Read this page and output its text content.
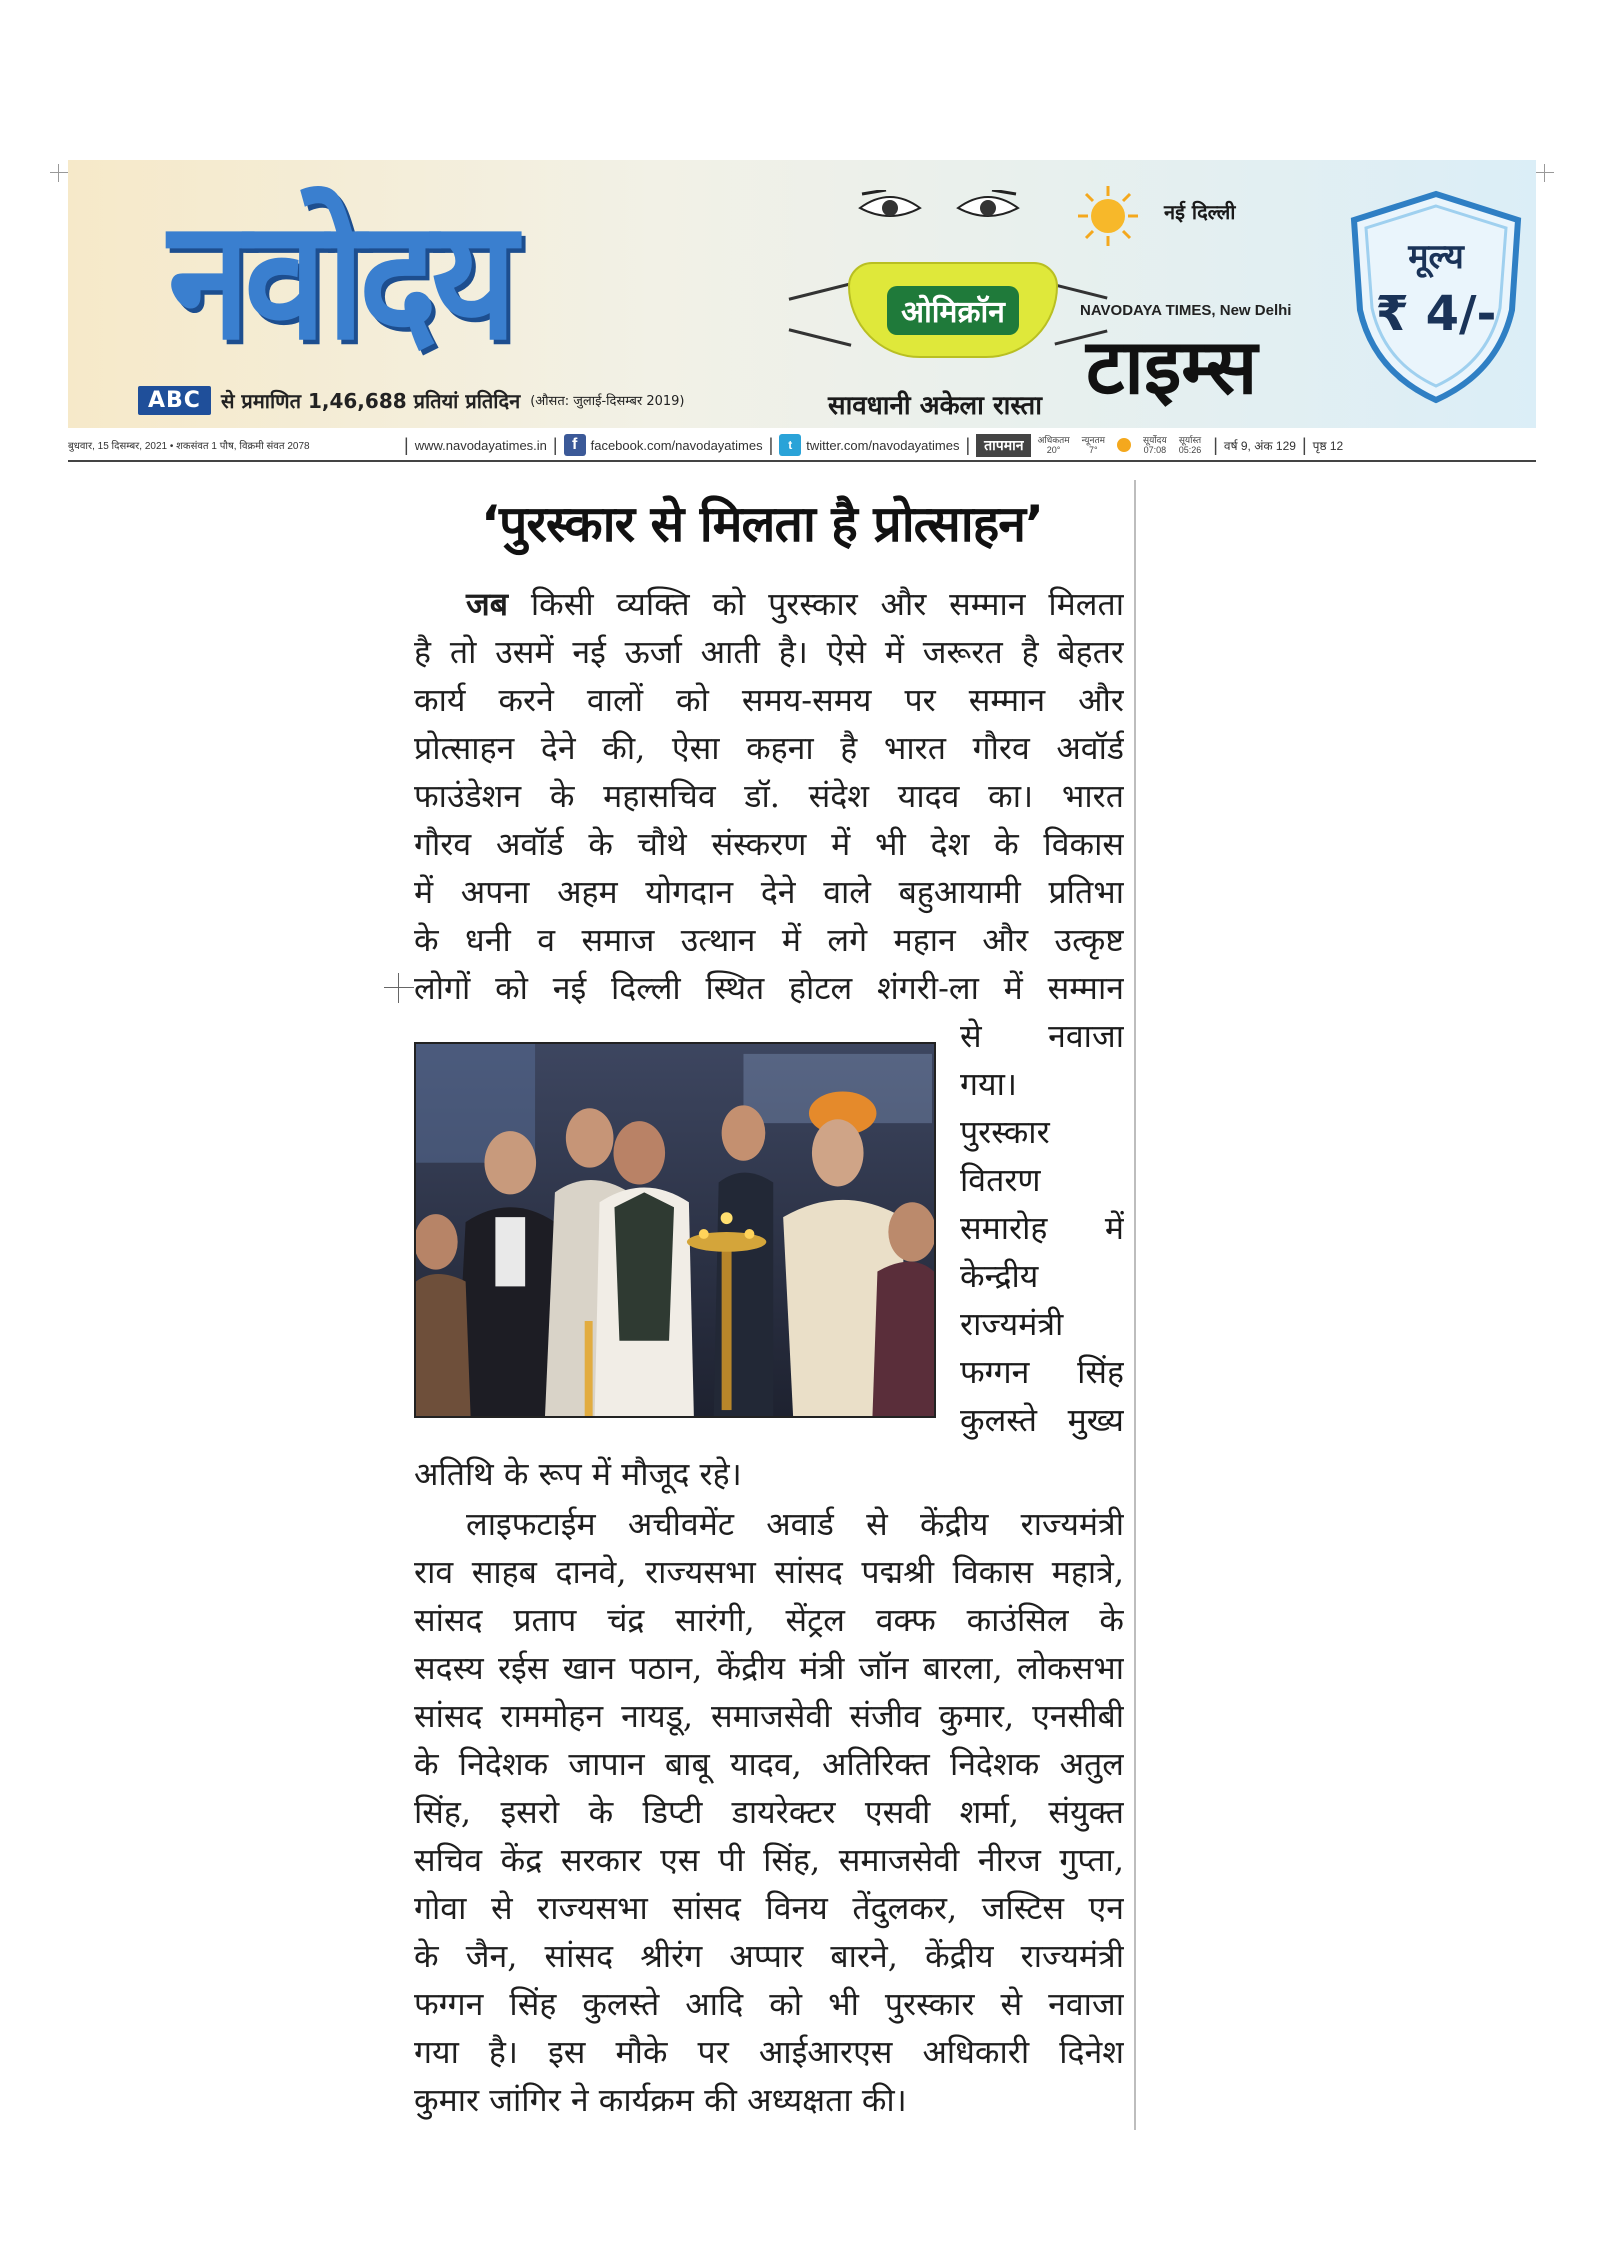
नवोदय
ABC	से प्रमाणित 1,46,688 प्रतियां प्रतिदिन (औसत: जुलाई-दिसम्बर 2019)
ओमिक्रॉन
सावधानी अकेला रास्ता
नई दिल्ली
NAVODAYA TIMES, New Delhi
टाइम्स
मूल्य
₹ 4/-
बुधवार, 15 दिसम्बर, 2021 • शकसंवत 1 पौष, विक्रमी संवत 2078	| www.navodayatimes.in | f	facebook.com/navodayatimes |	t	twitter.com/navodayatimes |	तापमान	अधिकतम
20°
न्यूनतम
7°
सूर्योदय
07:08
सूर्यास्त
05:26 | वर्ष 9, अंक 129 | पृष्ठ 12
‘पुरस्कार से मिलता है प्रोत्साहन’
जब किसी व्यक्ति को पुरस्कार और सम्मान मिलता
है तो उसमें नई ऊर्जा आती है। ऐसे में जरूरत है बेहतर
कार्य करने वालों को समय-समय पर सम्मान और
प्रोत्साहन देने की, ऐसा कहना है भारत गौरव अवॉर्ड
फाउंडेशन के महासचिव डॉ. संदेश यादव का। भारत
गौरव अवॉर्ड के चौथे संस्करण में भी देश के विकास
में अपना अहम योगदान देने वाले बहुआयामी प्रतिभा
के धनी व समाज उत्थान में लगे महान और उत्कृष्ट
लोगों को नई दिल्ली स्थित होटल शंगरी-ला में सम्मान
से नवाजा
गया।
पुरस्कार
वितरण
समारोह में
केन्द्रीय
राज्यमंत्री
फग्गन सिंह
कुलस्ते मुख्य
अतिथि के रूप में मौजूद रहे।
लाइफटाईम अचीवमेंट अवार्ड से केंद्रीय राज्यमंत्री
राव साहब दानवे, राज्यसभा सांसद पद्मश्री विकास महात्रे,
सांसद प्रताप चंद्र सारंगी, सेंट्रल वक्फ काउंसिल के
सदस्य रईस खान पठान, केंद्रीय मंत्री जॉन बारला, लोकसभा
सांसद राममोहन नायडू, समाजसेवी संजीव कुमार, एनसीबी
के निदेशक जापान बाबू यादव, अतिरिक्त निदेशक अतुल
सिंह, इसरो के डिप्टी डायरेक्टर एसवी शर्मा, संयुक्त
सचिव केंद्र सरकार एस पी सिंह, समाजसेवी नीरज गुप्ता,
गोवा से राज्यसभा सांसद विनय तेंदुलकर, जस्टिस एन
के जैन, सांसद श्रीरंग अप्पार बारने, केंद्रीय राज्यमंत्री
फग्गन सिंह कुलस्ते आदि को भी पुरस्कार से नवाजा
गया है। इस मौके पर आईआरएस अधिकारी दिनेश
कुमार जांगिर ने कार्यक्रम की अध्यक्षता की।
